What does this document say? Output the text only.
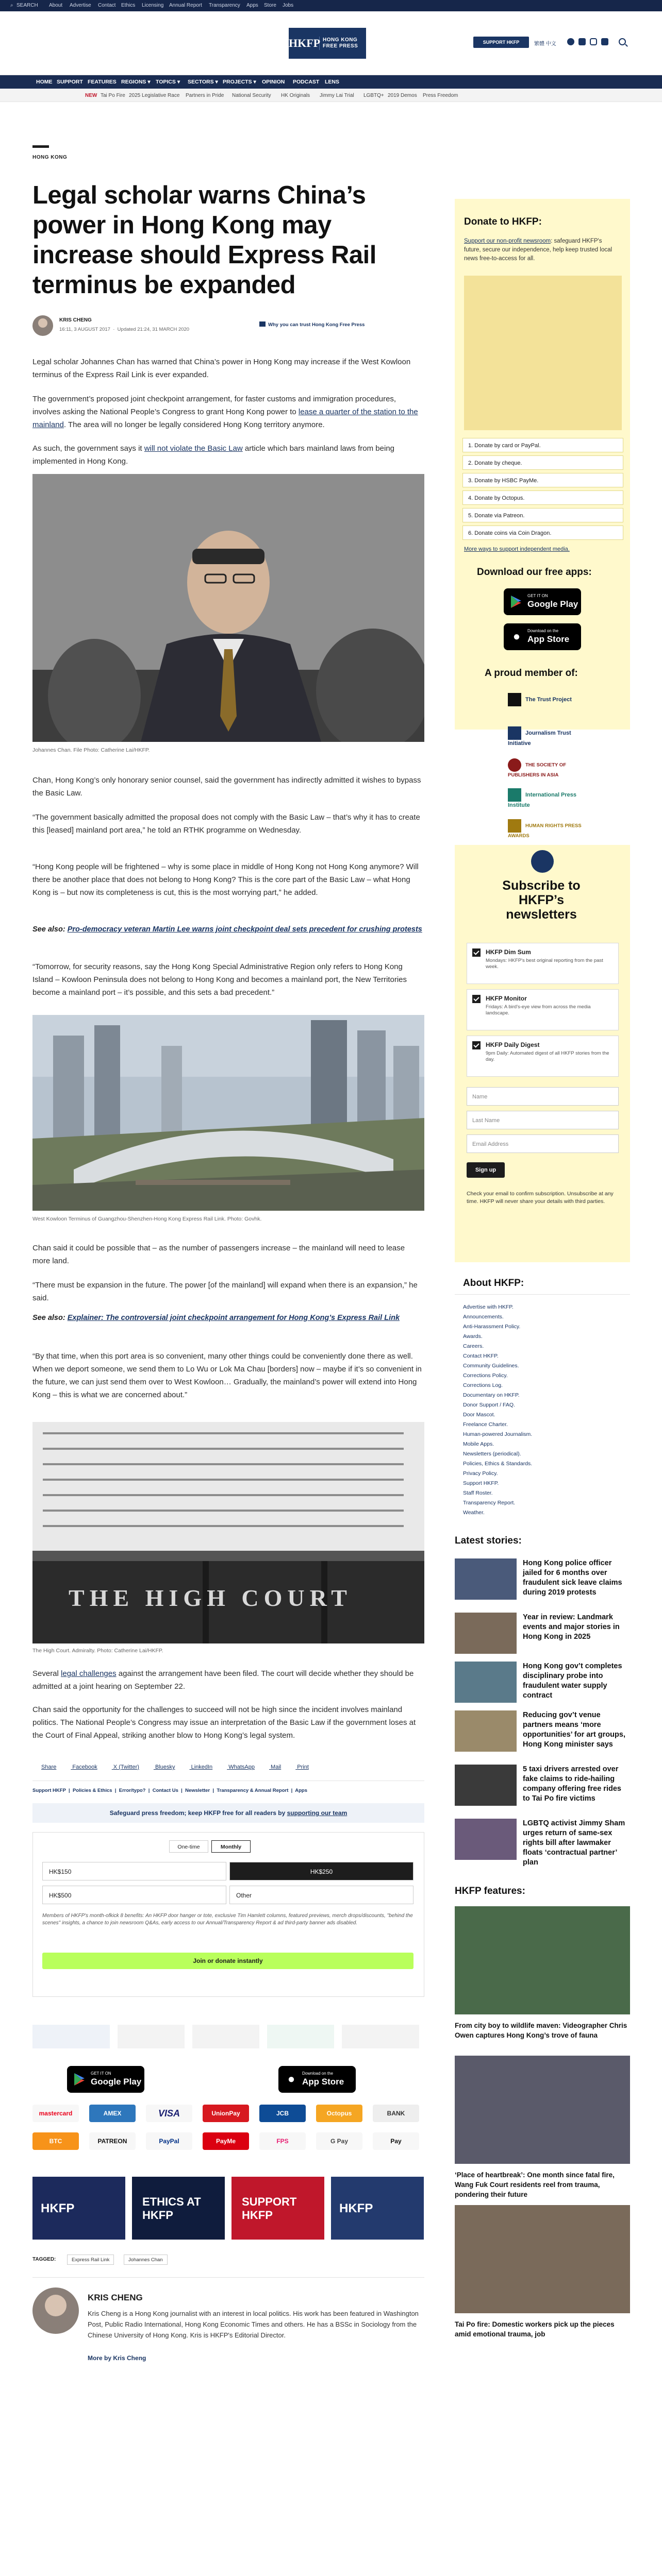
⌕ SEARCH About Advertise Contact Ethics Licensing Annual Report Transparency Apps Store Jobs
HKFP HONG KONG
FREE PRESS
SUPPORT HKFP	繁體 中文
HOME SUPPORT FEATURES REGIONS ▾ TOPICS ▾ SECTORS ▾ PROJECTS ▾ OPINION PODCAST LENS
NEW Tai Po Fire 2025 Legislative Race Partners in Pride National Security HK Originals Jimmy Lai Trial LGBTQ+ 2019 Demos Press Freedom
HONG KONG
Legal scholar warns China’s power in Hong Kong may increase should Express Rail terminus be expanded
KRIS CHENG
16:11, 3 AUGUST 2017  ·  Updated 21:24, 31 MARCH 2020
Why you can trust Hong Kong Free Press

Legal scholar Johannes Chan has warned that China’s power in Hong Kong may increase if the West Kowloon terminus of the Express Rail Link is ever expanded.

The government’s proposed joint checkpoint arrangement, for faster customs and immigration procedures, involves asking the National People’s Congress to grant Hong Kong power to lease a quarter of the station to the mainland. The area will no longer be legally considered Hong Kong territory anymore.

As such, the government says it will not violate the Basic Law article which bars mainland laws from being implemented in Hong Kong.

Johannes Chan. File Photo: Catherine Lai/HKFP.

Chan, Hong Kong’s only honorary senior counsel, said the government has indirectly admitted it wishes to bypass the Basic Law.

“The government basically admitted the proposal does not comply with the Basic Law – that’s why it has to create this [leased] mainland port area,” he told an RTHK programme on Wednesday.

“Hong Kong people will be frightened – why is some place in middle of Hong Kong not Hong Kong anymore? Will there be another place that does not belong to Hong Kong? This is the core part of the Basic Law – what Hong Kong is – but now its completeness is cut, this is the most worrying part,” he added.

See also: Pro-democracy veteran Martin Lee warns joint checkpoint deal sets precedent for crushing protests

“Tomorrow, for security reasons, say the Hong Kong Special Administrative Region only refers to Hong Kong Island – Kowloon Peninsula does not belong to Hong Kong and becomes a mainland port, the New Territories become a mainland port – it’s possible, and this sets a bad precedent.”

West Kowloon Terminus of Guangzhou-Shenzhen-Hong Kong Express Rail Link. Photo: Govhk.

Chan said it could be possible that – as the number of passengers increase – the mainland will need to lease more land.

“There must be expansion in the future. The power [of the mainland] will expand when there is an expansion,” he said.

See also: Explainer: The controversial joint checkpoint arrangement for Hong Kong’s Express Rail Link

“By that time, when this port area is so convenient, many other things could be conveniently done there as well. When we deport someone, we send them to Lo Wu or Lok Ma Chau [borders] now – maybe if it’s so convenient in the future, we can just send them over to West Kowloon… Gradually, the mainland’s power will extend into Hong Kong – this is what we are concerned about.”

THE HIGH COURT
The High Court. Admiralty. Photo: Catherine Lai/HKFP.

Several legal challenges against the arrangement have been filed. The court will decide whether they should be admitted at a joint hearing on September 22.

Chan said the opportunity for the challenges to succeed will not be high since the incident involves mainland politics. The National People’s Congress may issue an interpretation of the Basic Law if the government loses at the Court of Final Appeal, striking another blow to Hong Kong’s legal system.

Share	Facebook	X (Twitter)	Bluesky	LinkedIn	WhatsApp	Mail	Print
Support HKFP  |  Policies & Ethics  |  Error/typo?  |  Contact Us  |  Newsletter  |  Transparency & Annual Report  |  Apps
Safeguard press freedom; keep HKFP free for all readers by supporting our team
One-time	Monthly
HK$150	HK$250
HK$500	Other
Members of HKFP's month-ofkick 8 benefits: An HKFP door hanger or tote, exclusive Tim Hamlett columns, featured previews, merch drops/discounts, "behind the scenes" insights, a chance to join newsroom Q&As, early access to our Annual/Transparency Report & ad third-party banner ads disabled.
Join or donate instantly
GET IT ON
Google Play	●	Download on the
App Store
mastercard	AMEX	VISA	UnionPay	JCB	Octopus	BANK
BTC	PATREON	PayPal	PayMe	FPS	G Pay	Pay
HKFP	ETHICS AT HKFP
SUPPORT HKFP	HKFP
TAGGED:	Express Rail Link	Johannes Chan
KRIS CHENG
Kris Cheng is a Hong Kong journalist with an interest in local politics. His work has been featured in Washington Post, Public Radio International, Hong Kong Economic Times and others. He has a BSSc in Sociology from the Chinese University of Hong Kong. Kris is HKFP's Editorial Director.
More by Kris Cheng
Donate to HKFP:
Support our non-profit newsroom: safeguard HKFP's future, secure our independence, help keep trusted local news free-to-access for all.
1. Donate by card or PayPal.
2. Donate by cheque.
3. Donate by HSBC PayMe.
4. Donate by Octopus.
5. Donate via Patreon.
6. Donate coins via Coin Dragon.
More ways to support independent media.
Download our free apps:
GET IT ON
Google Play
●	Download on the
App Store
A proud member of:
The Trust Project
Journalism Trust Initiative
THE SOCIETY OF PUBLISHERS IN ASIA
International Press Institute
HUMAN RIGHTS PRESS AWARDS
Subscribe to HKFP’s newsletters
HKFP Dim Sum
Mondays: HKFP's best original reporting from the past week.
HKFP Monitor
Fridays: A bird's-eye view from across the media landscape.
HKFP Daily Digest
9pm Daily: Automated digest of all HKFP stories from the day.
Name
Last Name
Email Address
Sign up
Check your email to confirm subscription. Unsubscribe at any time. HKFP will never share your details with third parties.
About HKFP:
Advertise with HKFP.
Announcements.
Anti-Harassment Policy.
Awards.
Careers.
Contact HKFP.
Community Guidelines.
Corrections Policy.
Corrections Log.
Documentary on HKFP.
Donor Support / FAQ.
Door Mascot.
Freelance Charter.
Human-powered Journalism.
Mobile Apps.
Newsletters (periodical).
Policies, Ethics & Standards.
Privacy Policy.
Support HKFP.
Staff Roster.
Transparency Report.
Weather.
Latest stories:
Hong Kong police officer jailed for 6 months over fraudulent sick leave claims during 2019 protests
Year in review: Landmark events and major stories in Hong Kong in 2025
Hong Kong gov’t completes disciplinary probe into fraudulent water supply contract
Reducing gov’t venue partners means ‘more opportunities’ for art groups, Hong Kong minister says
5 taxi drivers arrested over fake claims to ride-hailing company offering free rides to Tai Po fire victims
LGBTQ activist Jimmy Sham urges return of same-sex rights bill after lawmaker floats ‘contractual partner’ plan
HKFP features:
From city boy to wildlife maven: Videographer Chris Owen captures Hong Kong’s trove of fauna
‘Place of heartbreak’: One month since fatal fire, Wang Fuk Court residents reel from trauma, pondering their future
Tai Po fire: Domestic workers pick up the pieces amid emotional trauma, job
